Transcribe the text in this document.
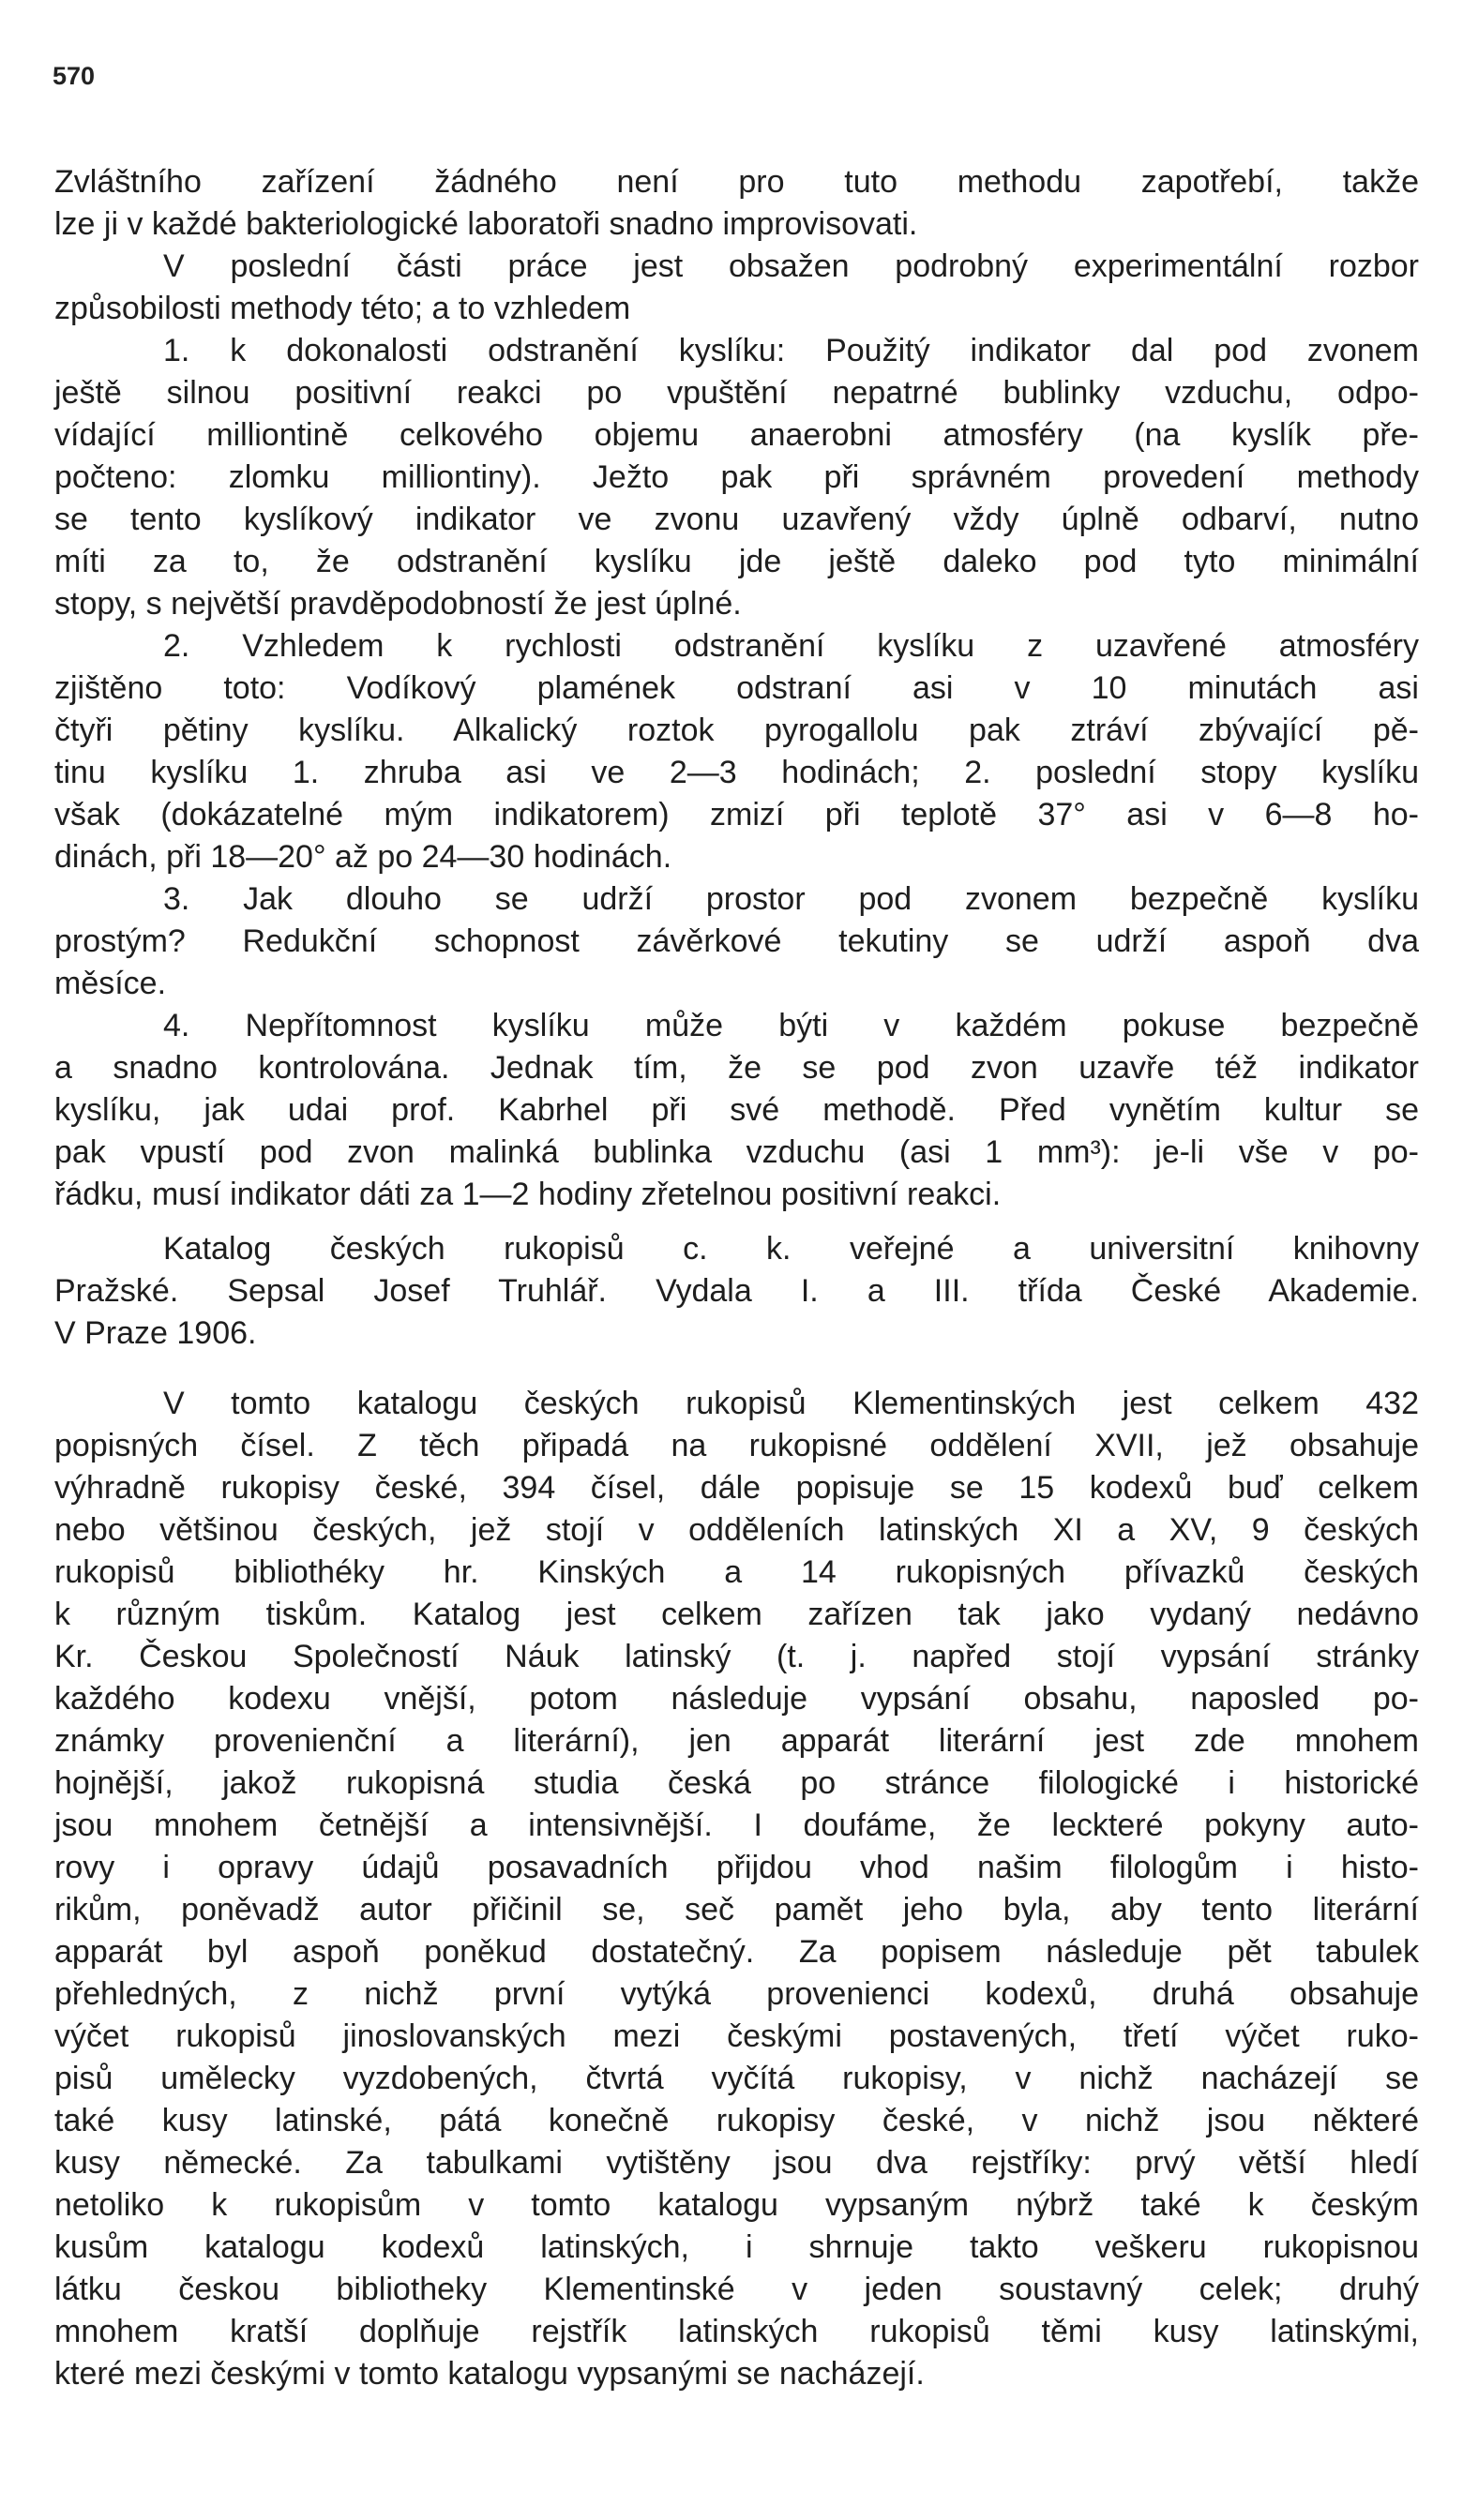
570
Zvláštního zařízení žádného není pro tuto methodu zapotřebí, takže
lze ji v každé bakteriologické laboratoři snadno improvisovati.
V poslední části práce jest obsažen podrobný experimentální rozbor
způsobilosti methody této; a to vzhledem
1. k dokonalosti odstranění kyslíku: Použitý indikator dal pod zvonem
ještě silnou positivní reakci po vpuštění nepatrné bublinky vzduchu, odpo-
vídající milliontině celkového objemu anaerobni atmosféry (na kyslík pře-
počteno: zlomku milliontiny). Ježto pak při správném provedení methody
se tento kyslíkový indikator ve zvonu uzavřený vždy úplně odbarví, nutno
míti za to, že odstranění kyslíku jde ještě daleko pod tyto minimální
stopy, s největší pravděpodobností že jest úplné.
2. Vzhledem k rychlosti odstranění kyslíku z uzavřené atmosféry
zjištěno toto: Vodíkový plamének odstraní asi v 10 minutách asi
čtyři pětiny kyslíku. Alkalický roztok pyrogallolu pak ztráví zbývající pě-
tinu kyslíku 1. zhruba asi ve 2—3 hodinách; 2. poslední stopy kyslíku
však (dokázatelné mým indikatorem) zmizí při teplotě 37° asi v 6—8 ho-
dinách, při 18—20° až po 24—30 hodinách.
3. Jak dlouho se udrží prostor pod zvonem bezpečně kyslíku
prostým? Redukční schopnost závěrkové tekutiny se udrží aspoň dva
měsíce.
4. Nepřítomnost kyslíku může býti v každém pokuse bezpečně
a snadno kontrolována. Jednak tím, že se pod zvon uzavře též indikator
kyslíku, jak udai prof. Kabrhel při své methodě. Před vynětím kultur se
pak vpustí pod zvon malinká bublinka vzduchu (asi 1 mm³): je-li vše v po-
řádku, musí indikator dáti za 1—2 hodiny zřetelnou positivní reakci.
Katalog českých rukopisů c. k. veřejné a universitní knihovny
Pražské. Sepsal Josef Truhlář. Vydala I. a III. třída České Akademie.
V Praze 1906.
V tomto katalogu českých rukopisů Klementinských jest celkem 432
popisných čísel. Z těch připadá na rukopisné oddělení XVII, jež obsahuje
výhradně rukopisy české, 394 čísel, dále popisuje se 15 kodexů buď celkem
nebo většinou českých, jež stojí v odděleních latinských XI a XV, 9 českých
rukopisů bibliothéky hr. Kinských a 14 rukopisných přívazků českých
k různým tiskům. Katalog jest celkem zařízen tak jako vydaný nedávno
Kr. Českou Společností Náuk latinský (t. j. napřed stojí vypsání stránky
každého kodexu vnější, potom následuje vypsání obsahu, naposled po-
známky provenienční a literární), jen apparát literární jest zde mnohem
hojnější, jakož rukopisná studia česká po stránce filologické i historické
jsou mnohem četnější a intensivnější. I doufáme, že leckteré pokyny auto-
rovy i opravy údajů posavadních přijdou vhod našim filologům i histo-
rikům, poněvadž autor přičinil se, seč pamět jeho byla, aby tento literární
apparát byl aspoň poněkud dostatečný. Za popisem následuje pět tabulek
přehledných, z nichž první vytýká provenienci kodexů, druhá obsahuje
výčet rukopisů jinoslovanských mezi českými postavených, třetí výčet ruko-
pisů umělecky vyzdobených, čtvrtá vyčítá rukopisy, v nichž nacházejí se
také kusy latinské, pátá konečně rukopisy české, v nichž jsou některé
kusy německé. Za tabulkami vytištěny jsou dva rejstříky: prvý větší hledí
netoliko k rukopisům v tomto katalogu vypsaným nýbrž také k českým
kusům katalogu kodexů latinských, i shrnuje takto veškeru rukopisnou
látku českou bibliotheky Klementinské v jeden soustavný celek; druhý
mnohem kratší doplňuje rejstřík latinských rukopisů těmi kusy latinskými,
které mezi českými v tomto katalogu vypsanými se nacházejí.
